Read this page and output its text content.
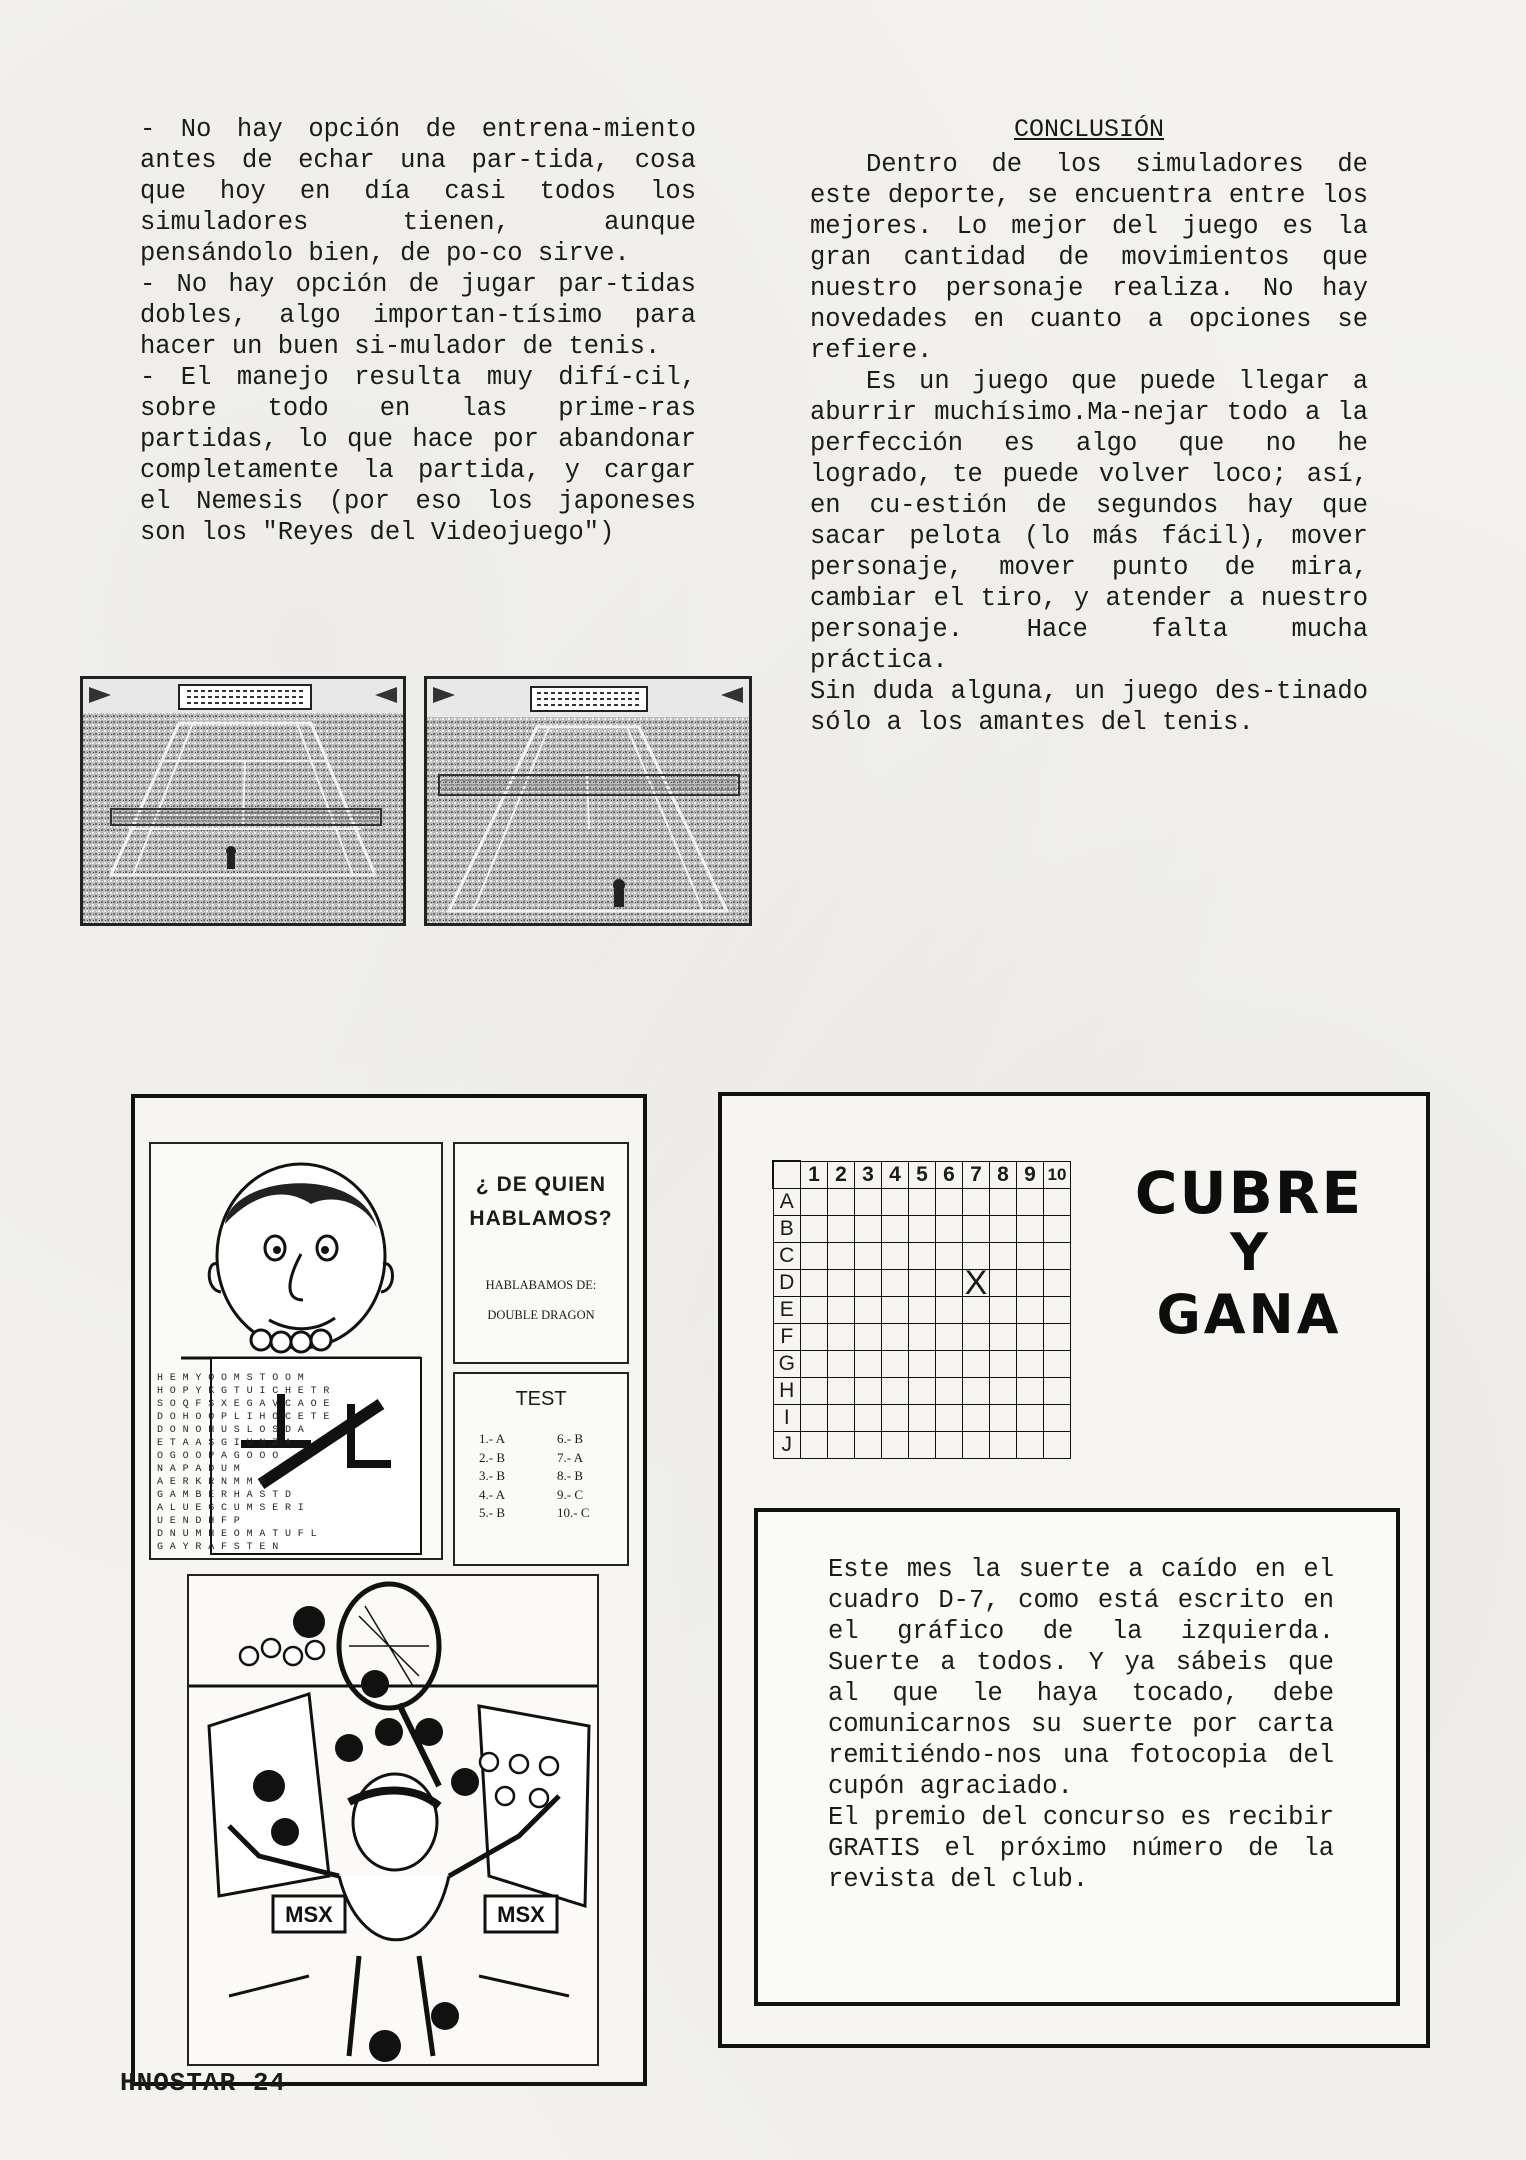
- No hay opción de entrena-miento antes de echar una par-tida, cosa que hoy en día casi todos los simuladores tienen, aunque pensándolo bien, de po-co sirve.

- No hay opción de jugar par-tidas dobles, algo importan-tísimo para hacer un buen si-mulador de tenis.

- El manejo resulta muy difí-cil, sobre todo en las prime-ras partidas, lo que hace por abandonar completamente la partida, y cargar el Nemesis (por eso los japoneses son los "Reyes del Videojuego")

CONCLUSIÓN

Dentro de los simuladores de este deporte, se encuentra entre los mejores. Lo mejor del juego es la gran cantidad de movimientos que nuestro personaje realiza. No hay novedades en cuanto a opciones se refiere.

Es un juego que puede llegar a aburrir muchísimo.Ma-nejar todo a la perfección es algo que no he logrado, te puede volver loco; así, en cu-estión de segundos hay que sacar pelota (lo más fácil), mover personaje, mover punto de mira, cambiar el tiro, y atender a nuestro personaje. Hace falta mucha práctica.

Sin duda alguna, un juego des-tinado sólo a los amantes del tenis.

HEMYOOMSTOOM
HOPYKGTUICHETR
SOQFSXEGAVCAOE
DOHOOPLIHOCETE
DONOHUSLOSDA
ETAASGIUNZA
OGOOPAGOOO
NAPADUM
AERKRNMMB
GAMBERHASTD
ALUEGCUMSERI
UENDHFP
DNUMHEOMATUFL
GAYRAFSTEN
¿ DE QUIEN
HABLAMOS?
HABLABAMOS DE:
DOUBLE DRAGON
TEST
1.- A
2.- B
3.- B
4.- A
5.- B
6.- B
7.- A
8.- B
9.- C
10.- C
MSX	MSX
	1	2	3	4	5	6	7	8	9	10
A										
B										
C										
D							X			
E										
F										
G										
H										
I										
J										
CUBRE
Y
GANA

Este mes la suerte a caído en el cuadro D-7, como está escrito en el gráfico de la izquierda. Suerte a todos. Y ya sábeis que al que le haya tocado, debe comunicarnos su suerte por carta remitiéndo-nos una fotocopia del cupón agraciado.

El premio del concurso es recibir GRATIS el próximo número de la revista del club.

HNOSTAR 24
